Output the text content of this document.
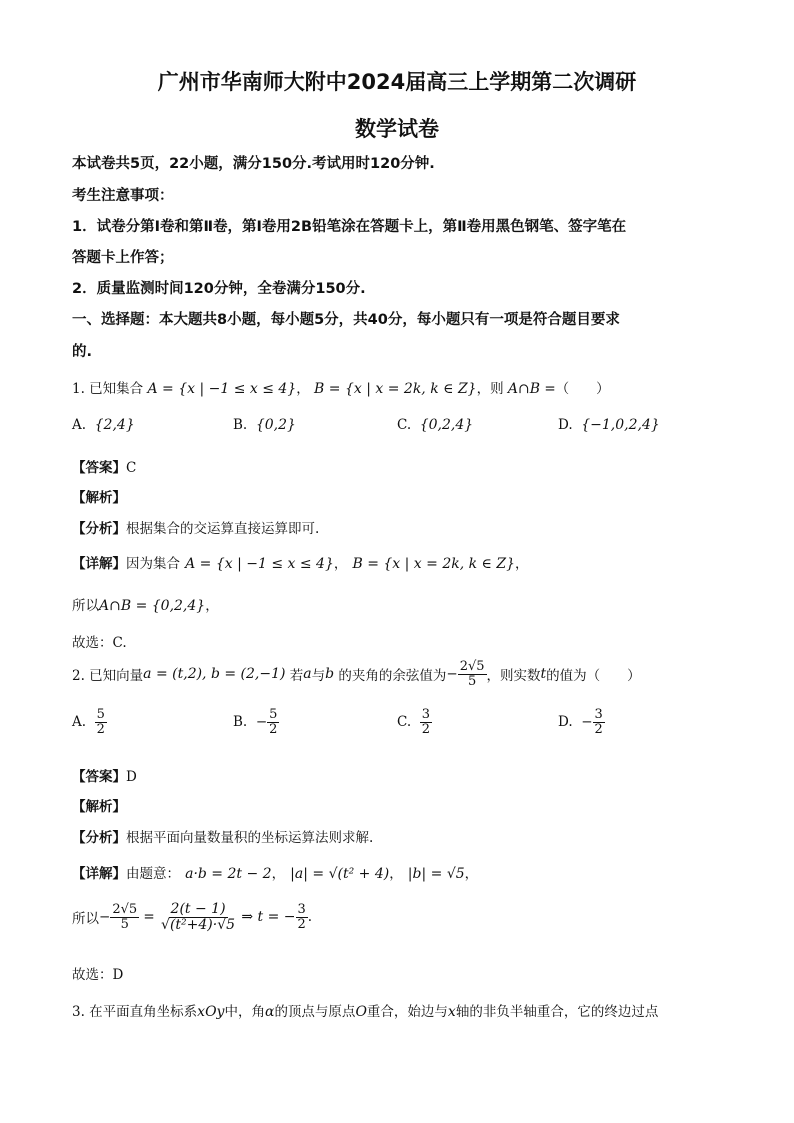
广州市华南师大附中2024届高三上学期第二次调研
数学试卷
本试卷共5页，22小题，满分150分.考试用时120分钟.
考生注意事项：
1．试卷分第Ⅰ卷和第Ⅱ卷，第Ⅰ卷用2B铅笔涂在答题卡上，第Ⅱ卷用黑色钢笔、签字笔在
答题卡上作答；
2．质量监测时间120分钟，全卷满分150分.
一、选择题：本大题共8小题，每小题5分，共40分，每小题只有一项是符合题目要求
的.
1. 已知集合 A = {x | −1 ≤ x ≤ 4}， B = {x | x = 2k, k ∈ Z}，则 A∩B =（　　）
A. {2,4}	B. {0,2}	C. {0,2,4}	D. {−1,0,2,4}
【答案】C
【解析】
【分析】根据集合的交运算直接运算即可.
【详解】因为集合 A = {x | −1 ≤ x ≤ 4}， B = {x | x = 2k, k ∈ Z}，
所以A∩B = {0,2,4}，
故选：C.
2. 已知向量 a = (t,2), b = (2,−1)
若 a 与 b
的夹角的余弦值为 − $\frac{2√5}{5}$ ，则实数 t 的值为（　　）
A.
$\frac{5}{2}$	B.
− $\frac{5}{2}$	C.
$\frac{3}{2}$	D.
− $\frac{3}{2}$
【答案】D
【解析】
【分析】根据平面向量数量积的坐标运算法则求解.
【详解】由题意： a·b = 2t − 2， |a| = √(t² + 4)， |b| = √5，
所以 − $\frac{2√5}{5} = \frac{2(t - 1)}{\text{√(t²+4)·√5}}$
⇒ t = − $\frac{3}{2}$ .
故选：D
3. 在平面直角坐标系xOy中，角α的顶点与原点O重合，始边与x轴的非负半轴重合，它的终边过点
